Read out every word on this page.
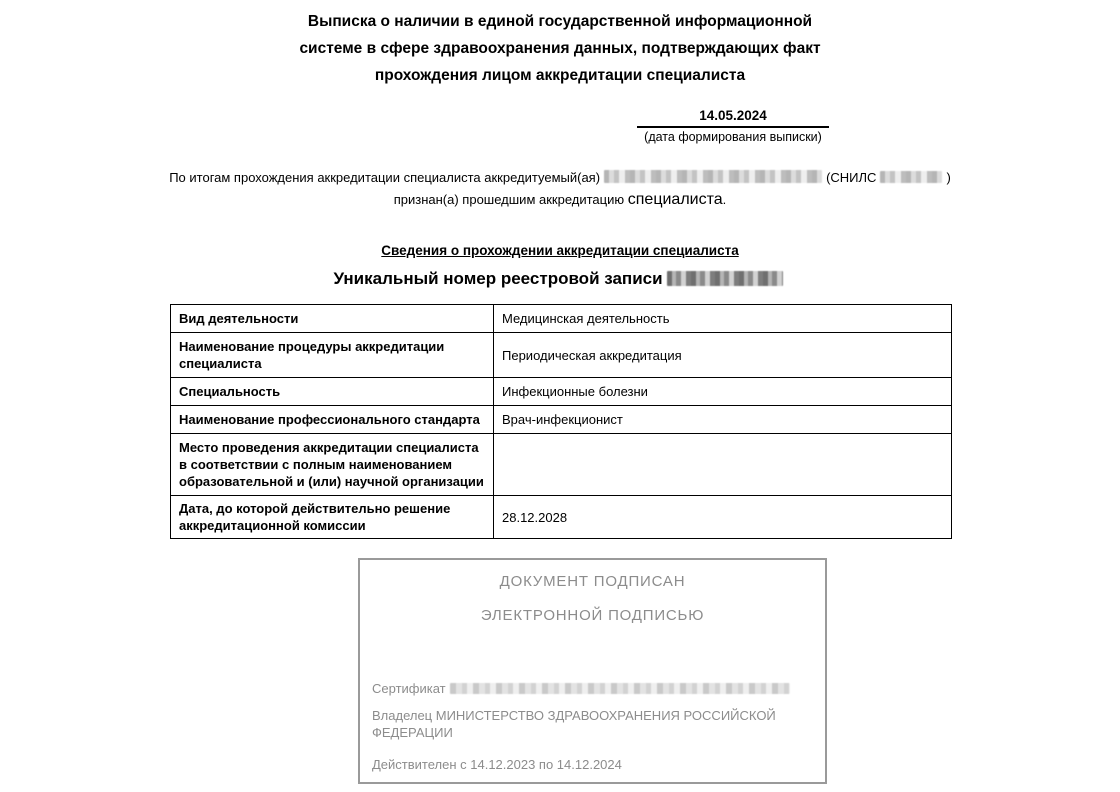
Выписка о наличии в единой государственной информационной
системе в сфере здравоохранения данных, подтверждающих факт
прохождения лицом аккредитации специалиста
14.05.2024
(дата формирования выписки)
По итогам прохождения аккредитации специалиста аккредитуемый(ая)	(СНИЛС	)
признан(а) прошедшим аккредитацию специалиста.
Сведения о прохождении аккредитации специалиста
Уникальный номер реестровой записи
Вид деятельности	Медицинская деятельность
Наименование процедуры аккредитации специалиста	Периодическая аккредитация
Специальность	Инфекционные болезни
Наименование профессионального стандарта	Врач-инфекционист
Место проведения аккредитации специалиста в соответствии с полным наименованием образовательной и (или) научной организации	
Дата, до которой действительно решение аккредитационной комиссии	28.12.2028
ДОКУМЕНТ ПОДПИСАН
ЭЛЕКТРОННОЙ ПОДПИСЬЮ
Сертификат
Владелец МИНИСТЕРСТВО ЗДРАВООХРАНЕНИЯ РОССИЙСКОЙ ФЕДЕРАЦИИ
Действителен с 14.12.2023 по 14.12.2024
